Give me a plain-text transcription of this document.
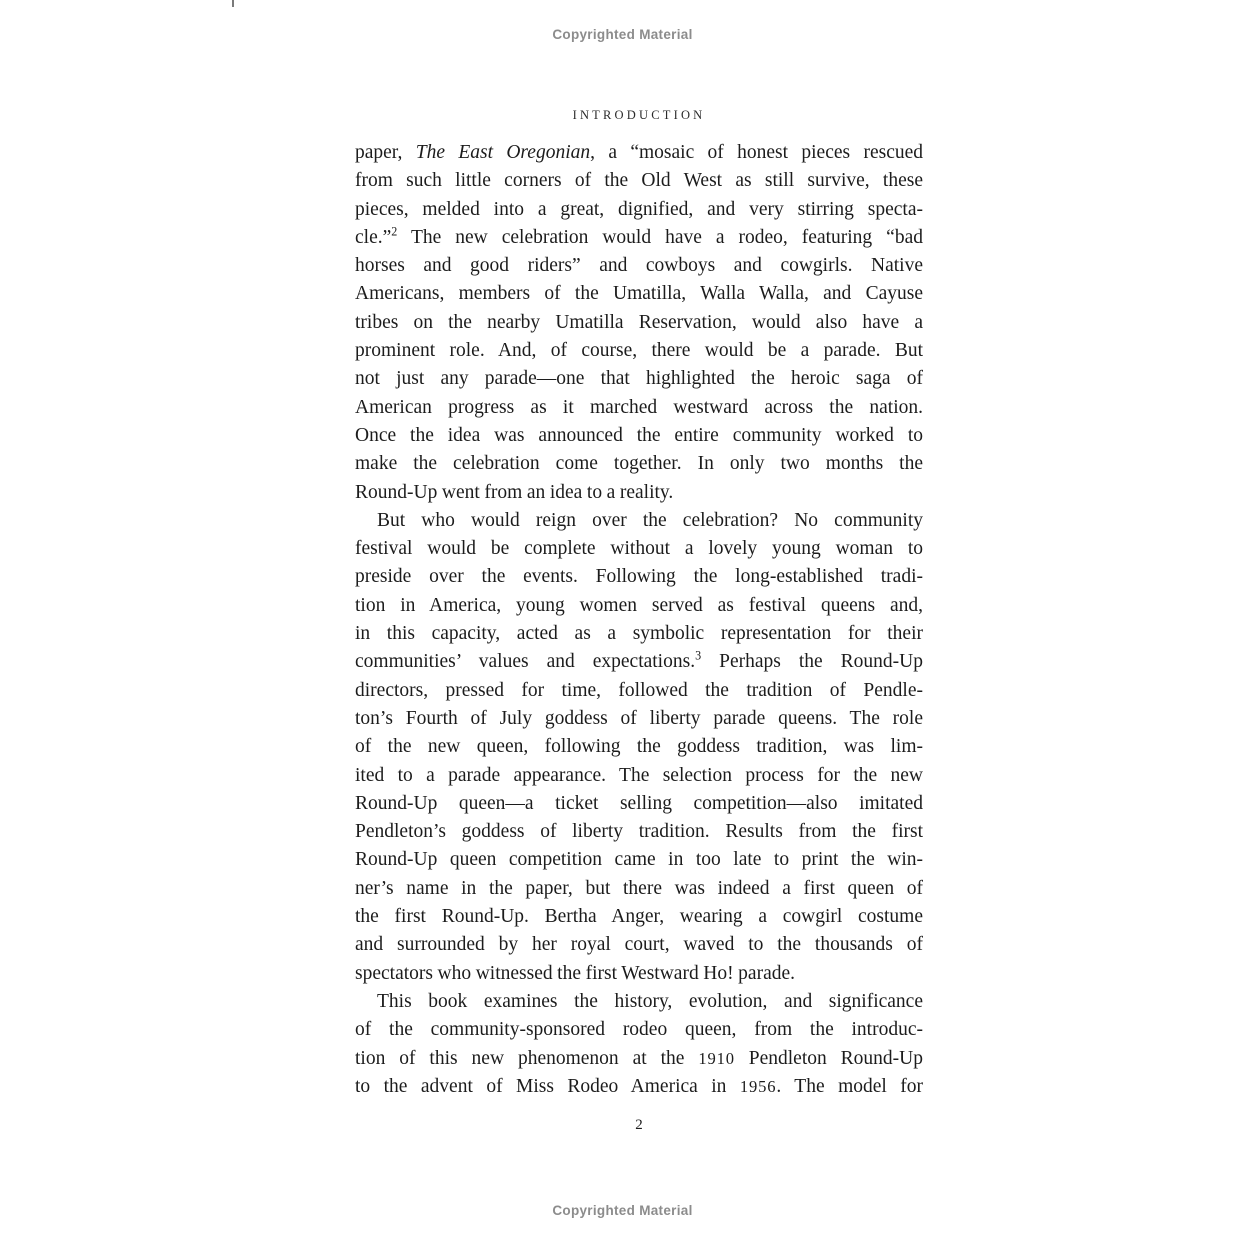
Copyrighted Material
INTRODUCTION
paper, The East Oregonian, a “mosaic of honest pieces rescued
from such little corners of the Old West as still survive, these
pieces, melded into a great, dignified, and very stirring specta-
cle.”$^2$ The new celebration would have a rodeo, featuring “bad
horses and good riders” and cowboys and cowgirls. Native
Americans, members of the Umatilla, Walla Walla, and Cayuse
tribes on the nearby Umatilla Reservation, would also have a
prominent role. And, of course, there would be a parade. But
not just any parade—one that highlighted the heroic saga of
American progress as it marched westward across the nation.
Once the idea was announced the entire community worked to
make the celebration come together. In only two months the
Round-Up went from an idea to a reality.
But who would reign over the celebration? No community
festival would be complete without a lovely young woman to
preside over the events. Following the long-established tradi-
tion in America, young women served as festival queens and,
in this capacity, acted as a symbolic representation for their
communities’ values and expectations.$^3$ Perhaps the Round-Up
directors, pressed for time, followed the tradition of Pendle-
ton’s Fourth of July goddess of liberty parade queens. The role
of the new queen, following the goddess tradition, was lim-
ited to a parade appearance. The selection process for the new
Round-Up queen—a ticket selling competition—also imitated
Pendleton’s goddess of liberty tradition. Results from the first
Round-Up queen competition came in too late to print the win-
ner’s name in the paper, but there was indeed a first queen of
the first Round-Up. Bertha Anger, wearing a cowgirl costume
and surrounded by her royal court, waved to the thousands of
spectators who witnessed the first Westward Ho! parade.
This book examines the history, evolution, and significance
of the community-sponsored rodeo queen, from the introduc-
tion of this new phenomenon at the 1910 Pendleton Round-Up
to the advent of Miss Rodeo America in 1956. The model for
2
Copyrighted Material
